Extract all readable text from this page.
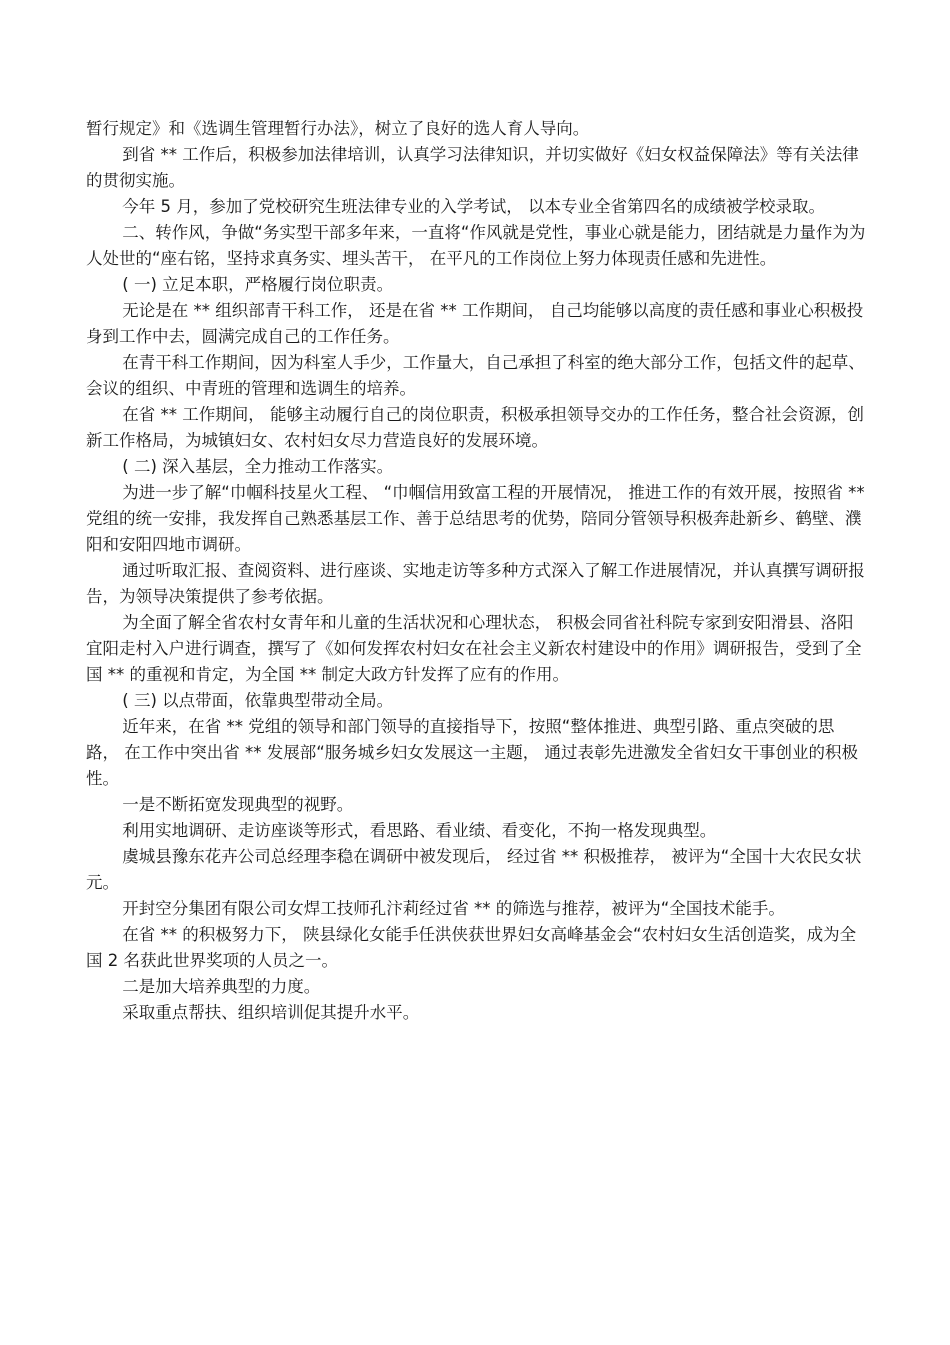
暂行规定》和《选调生管理暂行办法》，树立了良好的选人育人导向。

到省 ** 工作后，积极参加法律培训，认真学习法律知识，并切实做好《妇女权益保障法》等有关法律的贯彻实施。

今年 5 月，参加了党校研究生班法律专业的入学考试， 以本专业全省第四名的成绩被学校录取。

二、转作风，争做“务实型干部多年来，一直将“作风就是党性，事业心就是能力，团结就是力量作为为人处世的“座右铭，坚持求真务实、埋头苦干， 在平凡的工作岗位上努力体现责任感和先进性。

( 一) 立足本职，严格履行岗位职责。

无论是在 ** 组织部青干科工作， 还是在省 ** 工作期间， 自己均能够以高度的责任感和事业心积极投身到工作中去，圆满完成自己的工作任务。

在青干科工作期间，因为科室人手少，工作量大，自己承担了科室的绝大部分工作，包括文件的起草、会议的组织、中青班的管理和选调生的培养。

在省 ** 工作期间， 能够主动履行自己的岗位职责，积极承担领导交办的工作任务，整合社会资源，创新工作格局，为城镇妇女、农村妇女尽力营造良好的发展环境。

( 二) 深入基层，全力推动工作落实。

为进一步了解“巾帼科技星火工程、 “巾帼信用致富工程的开展情况， 推进工作的有效开展，按照省 ** 党组的统一安排，我发挥自己熟悉基层工作、善于总结思考的优势，陪同分管领导积极奔赴新乡、鹤壁、濮阳和安阳四地市调研。

通过听取汇报、查阅资料、进行座谈、实地走访等多种方式深入了解工作进展情况，并认真撰写调研报告，为领导决策提供了参考依据。

为全面了解全省农村女青年和儿童的生活状况和心理状态， 积极会同省社科院专家到安阳滑县、洛阳宜阳走村入户进行调查，撰写了《如何发挥农村妇女在社会主义新农村建设中的作用》调研报告，受到了全国 ** 的重视和肯定，为全国 ** 制定大政方针发挥了应有的作用。

( 三) 以点带面，依靠典型带动全局。

近年来，在省 ** 党组的领导和部门领导的直接指导下，按照“整体推进、典型引路、重点突破的思路， 在工作中突出省 ** 发展部“服务城乡妇女发展这一主题， 通过表彰先进激发全省妇女干事创业的积极性。

一是不断拓宽发现典型的视野。

利用实地调研、走访座谈等形式，看思路、看业绩、看变化，不拘一格发现典型。

虞城县豫东花卉公司总经理李稳在调研中被发现后， 经过省 ** 积极推荐， 被评为“全国十大农民女状元。

开封空分集团有限公司女焊工技师孔汴莉经过省 ** 的筛选与推荐，被评为“全国技术能手。

在省 ** 的积极努力下， 陕县绿化女能手任洪侠获世界妇女高峰基金会“农村妇女生活创造奖，成为全国 2 名获此世界奖项的人员之一。

二是加大培养典型的力度。

采取重点帮扶、组织培训促其提升水平。
